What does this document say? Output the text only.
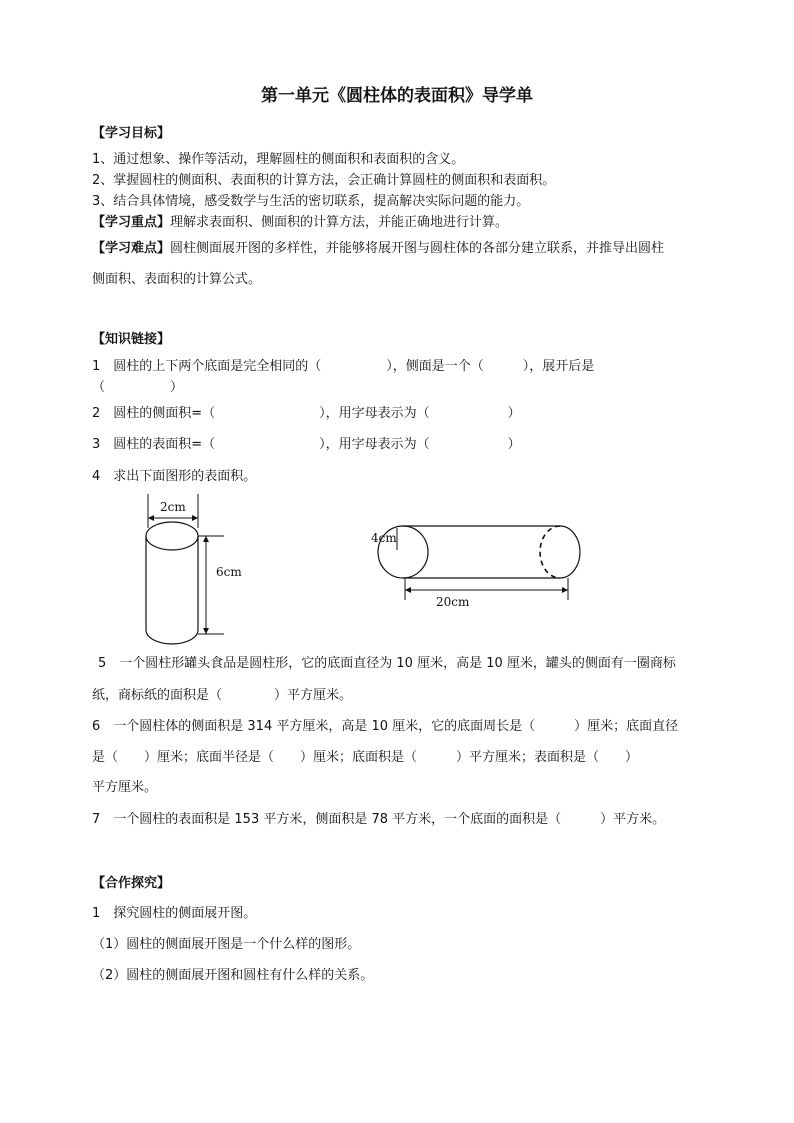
第一单元《圆柱体的表面积》导学单
【学习目标】
1、通过想象、操作等活动，理解圆柱的侧面积和表面积的含义。
2、掌握圆柱的侧面积、表面积的计算方法，会正确计算圆柱的侧面积和表面积。
3、结合具体情境，感受数学与生活的密切联系，提高解决实际问题的能力。
【学习重点】理解求表面积、侧面积的计算方法，并能正确地进行计算。
【学习难点】圆柱侧面展开图的多样性，并能够将展开图与圆柱体的各部分建立联系，并推导出圆柱
侧面积、表面积的计算公式。
【知识链接】
1　圆柱的上下两个底面是完全相同的（　　　　　），侧面是一个（　　　），展开后是
（　　　　　）
2　圆柱的侧面积=（　　　　　　　　），用字母表示为（　　　　　　）
3　圆柱的表面积=（　　　　　　　　），用字母表示为（　　　　　　）
4　求出下面图形的表面积。
2cm
6cm
4cm
20cm
5　一个圆柱形罐头食品是圆柱形，它的底面直径为 10 厘米，高是 10 厘米，罐头的侧面有一圈商标
纸，商标纸的面积是（　　　　）平方厘米。
6　一个圆柱体的侧面积是 314 平方厘米，高是 10 厘米，它的底面周长是（　　　）厘米；底面直径
是（　　）厘米；底面半径是（　　）厘米；底面积是（　　　）平方厘米；表面积是（　　）
平方厘米。
7　一个圆柱的表面积是 153 平方米，侧面积是 78 平方米，一个底面的面积是（　　　）平方米。
【合作探究】
1　探究圆柱的侧面展开图。
（1）圆柱的侧面展开图是一个什么样的图形。
（2）圆柱的侧面展开图和圆柱有什么样的关系。
